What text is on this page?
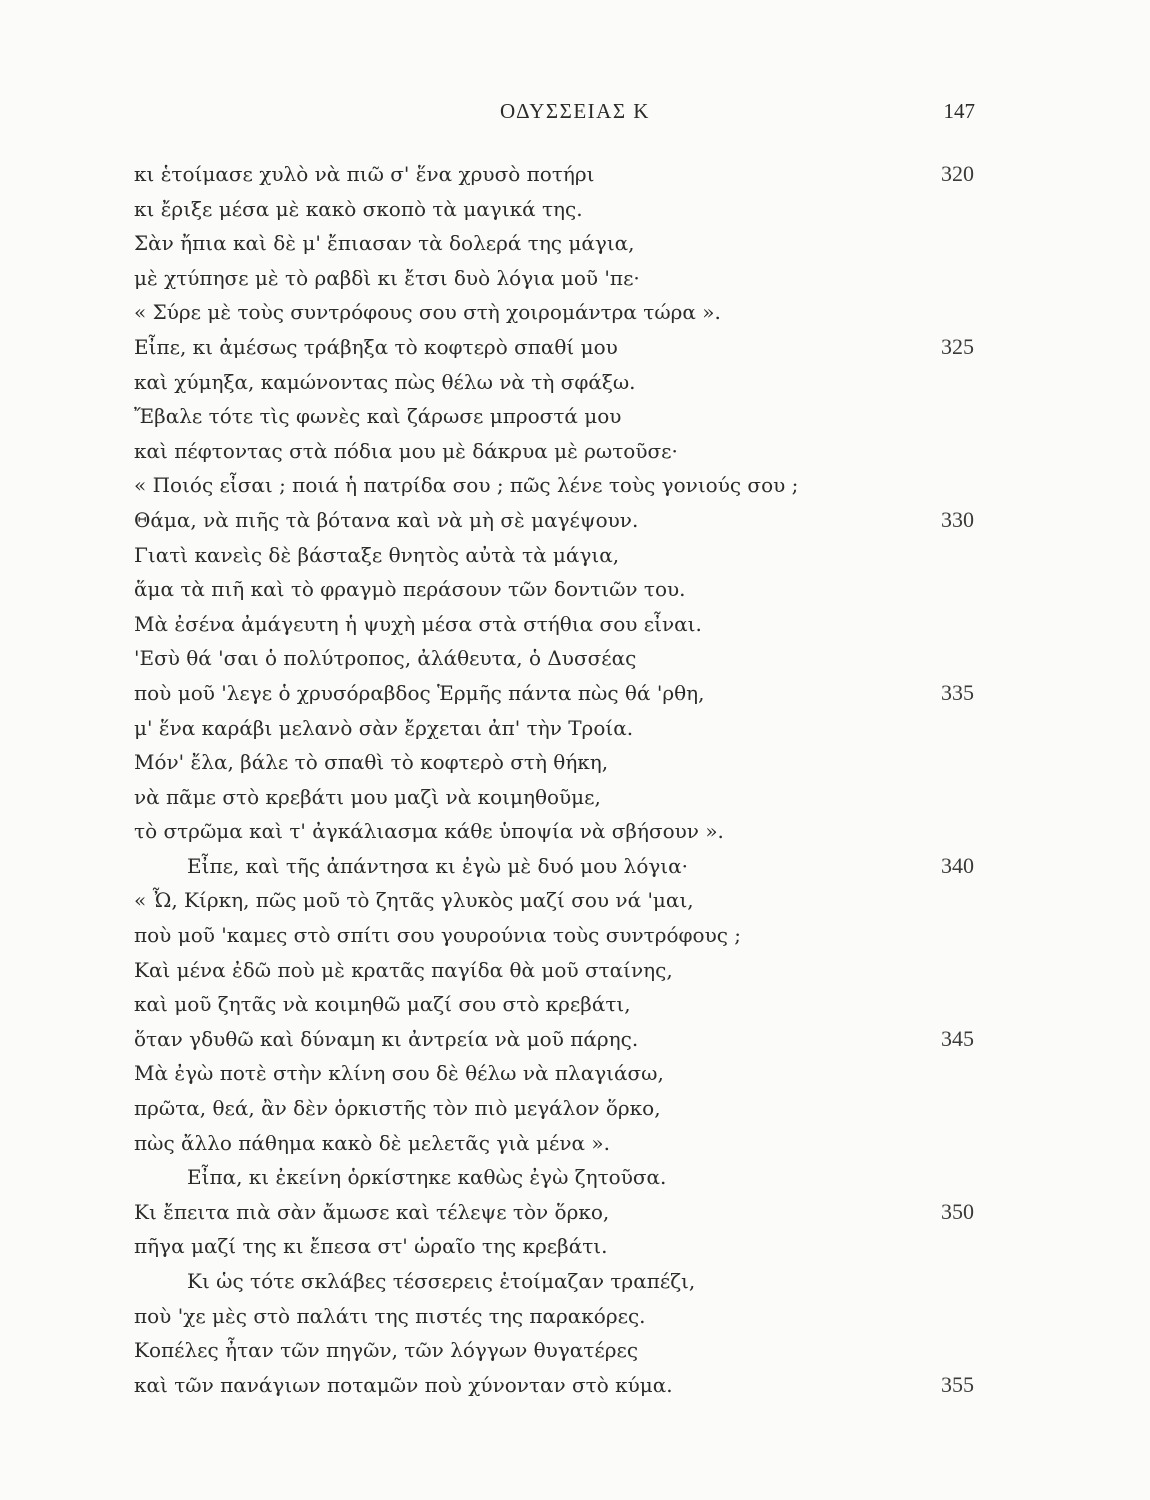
ΟΔΥΣΣΕΙΑΣ Κ	147
κι ἑτοίμασε χυλὸ νὰ πιῶ σ' ἕνα χρυσὸ ποτήρι	320
κι ἔριξε μέσα μὲ κακὸ σκοπὸ τὰ μαγικά της.
Σὰν ἤπια καὶ δὲ μ' ἔπιασαν τὰ δολερά της μάγια,
μὲ χτύπησε μὲ τὸ ραβδὶ κι ἔτσι δυὸ λόγια μοῦ 'πε·
« Σύρε μὲ τοὺς συντρόφους σου στὴ χοιρομάντρα τώρα ».
Εἶπε, κι ἀμέσως τράβηξα τὸ κοφτερὸ σπαθί μου	325
καὶ χύμηξα, καμώνοντας πὼς θέλω νὰ τὴ σφάξω.
Ἔβαλε τότε τὶς φωνὲς καὶ ζάρωσε μπροστά μου
καὶ πέφτοντας στὰ πόδια μου μὲ δάκρυα μὲ ρωτοῦσε·
« Ποιός εἶσαι ; ποιά ἡ πατρίδα σου ; πῶς λένε τοὺς γονιούς σου ;
Θάμα, νὰ πιῆς τὰ βότανα καὶ νὰ μὴ σὲ μαγέψουν.	330
Γιατὶ κανεὶς δὲ βάσταξε θνητὸς αὐτὰ τὰ μάγια,
ἅμα τὰ πιῆ καὶ τὸ φραγμὸ περάσουν τῶν δοντιῶν του.
Μὰ ἐσένα ἀμάγευτη ἡ ψυχὴ μέσα στὰ στήθια σου εἶναι.
'Εσὺ θά 'σαι ὁ πολύτροπος, ἀλάθευτα, ὁ Δυσσέας
ποὺ μοῦ 'λεγε ὁ χρυσόραβδος Ἑρμῆς πάντα πὼς θά 'ρθη,	335
μ' ἕνα καράβι μελανὸ σὰν ἔρχεται ἀπ' τὴν Τροία.
Μόν' ἔλα, βάλε τὸ σπαθὶ τὸ κοφτερὸ στὴ θήκη,
νὰ πᾶμε στὸ κρεβάτι μου μαζὶ νὰ κοιμηθοῦμε,
τὸ στρῶμα καὶ τ' ἀγκάλιασμα κάθε ὑποψία νὰ σβήσουν ».
Εἶπε, καὶ τῆς ἀπάντησα κι ἐγὼ μὲ δυό μου λόγια·	340
« Ὦ, Κίρκη, πῶς μοῦ τὸ ζητᾶς γλυκὸς μαζί σου νά 'μαι,
ποὺ μοῦ 'καμες στὸ σπίτι σου γουρούνια τοὺς συντρόφους ;
Καὶ μένα ἐδῶ ποὺ μὲ κρατᾶς παγίδα θὰ μοῦ σταίνης,
καὶ μοῦ ζητᾶς νὰ κοιμηθῶ μαζί σου στὸ κρεβάτι,
ὅταν γδυθῶ καὶ δύναμη κι ἀντρεία νὰ μοῦ πάρης.	345
Μὰ ἐγὼ ποτὲ στὴν κλίνη σου δὲ θέλω νὰ πλαγιάσω,
πρῶτα, θεά, ἂν δὲν ὁρκιστῆς τὸν πιὸ μεγάλον ὅρκο,
πὼς ἄλλο πάθημα κακὸ δὲ μελετᾶς γιὰ μένα ».
Εἶπα, κι ἐκείνη ὁρκίστηκε καθὼς ἐγὼ ζητοῦσα.
Κι ἔπειτα πιὰ σὰν ἄμωσε καὶ τέλεψε τὸν ὅρκο,	350
πῆγα μαζί της κι ἔπεσα στ' ὡραῖο της κρεβάτι.
Κι ὡς τότε σκλάβες τέσσερεις ἑτοίμαζαν τραπέζι,
ποὺ 'χε μὲς στὸ παλάτι της πιστές της παρακόρες.
Κοπέλες ἦταν τῶν πηγῶν, τῶν λόγγων θυγατέρες
καὶ τῶν πανάγιων ποταμῶν ποὺ χύνονταν στὸ κύμα.	355
